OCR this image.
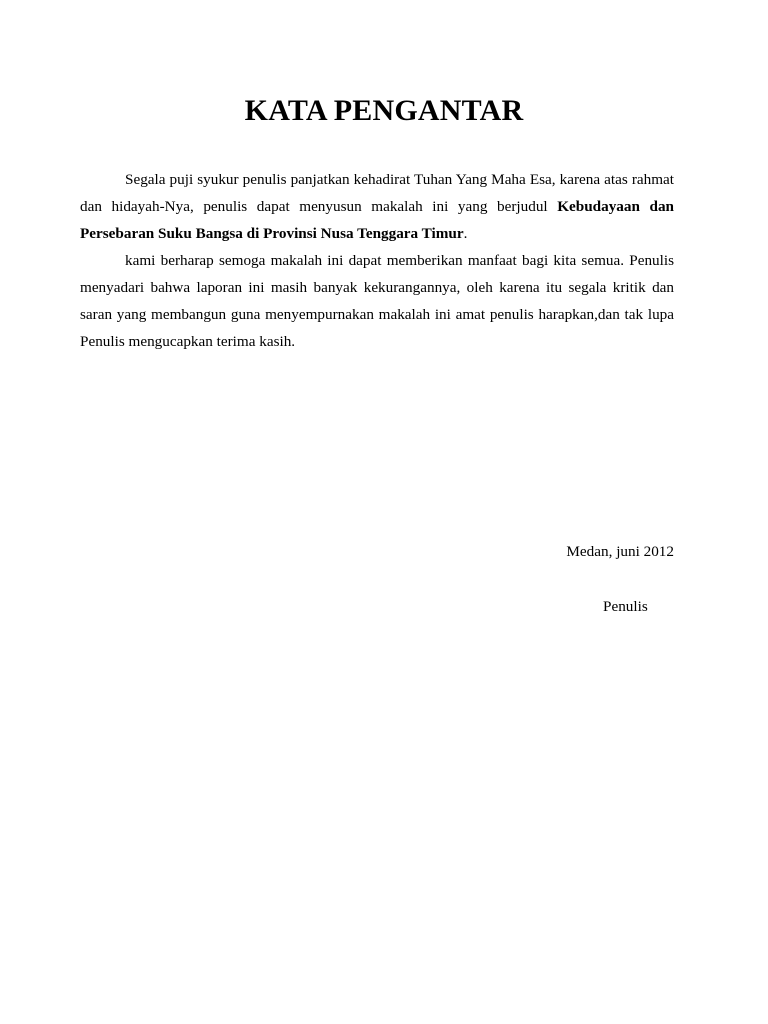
KATA PENGANTAR

Segala puji syukur penulis panjatkan kehadirat Tuhan Yang Maha Esa, karena atas rahmat dan hidayah-Nya, penulis dapat menyusun makalah ini yang berjudul Kebudayaan dan Persebaran Suku Bangsa di Provinsi Nusa Tenggara Timur.

kami berharap semoga makalah ini dapat memberikan manfaat bagi kita semua. Penulis menyadari bahwa laporan ini masih banyak kekurangannya, oleh karena itu segala kritik dan saran yang membangun guna menyempurnakan makalah ini amat penulis harapkan,dan tak lupa Penulis mengucapkan terima kasih.

Medan, juni 2012
Penulis
